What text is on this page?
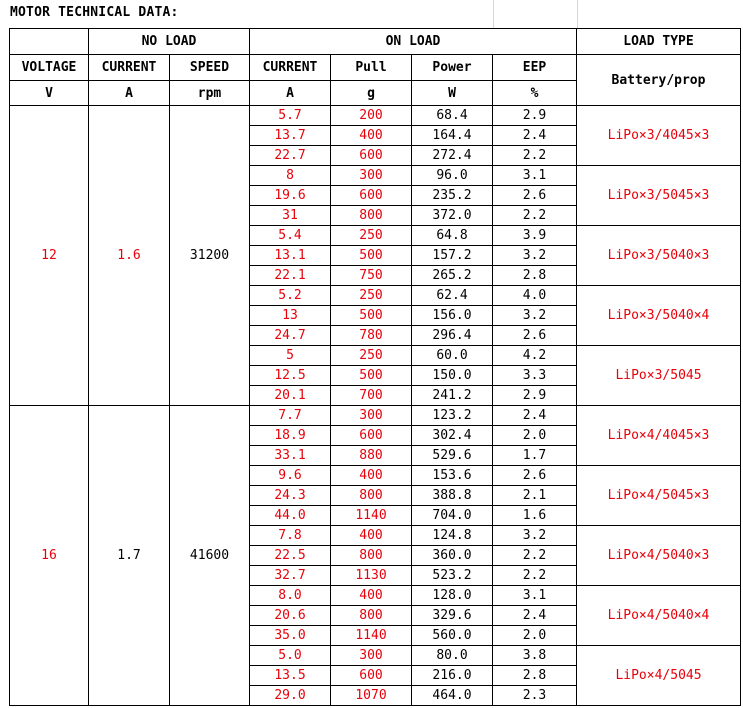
MOTOR TECHNICAL DATA:
	NO LOAD		ON LOAD				LOAD TYPE
VOLTAGE	CURRENT	SPEED	CURRENT	Pull	Power	EEP	Battery/prop
V	A	rpm	A	g	W	%	
12	1.6	31200	5.7	200	68.4	2.9	LiPo×3/4045×3
			13.7	400	164.4	2.4	
			22.7	600	272.4	2.2	
			8	300	96.0	3.1	LiPo×3/5045×3
			19.6	600	235.2	2.6	
			31	800	372.0	2.2	
			5.4	250	64.8	3.9	LiPo×3/5040×3
			13.1	500	157.2	3.2	
			22.1	750	265.2	2.8	
			5.2	250	62.4	4.0	LiPo×3/5040×4
			13	500	156.0	3.2	
			24.7	780	296.4	2.6	
			5	250	60.0	4.2	LiPo×3/5045
			12.5	500	150.0	3.3	
			20.1	700	241.2	2.9	
16	1.7	41600	7.7	300	123.2	2.4	LiPo×4/4045×3
			18.9	600	302.4	2.0	
			33.1	880	529.6	1.7	
			9.6	400	153.6	2.6	LiPo×4/5045×3
			24.3	800	388.8	2.1	
			44.0	1140	704.0	1.6	
			7.8	400	124.8	3.2	LiPo×4/5040×3
			22.5	800	360.0	2.2	
			32.7	1130	523.2	2.2	
			8.0	400	128.0	3.1	LiPo×4/5040×4
			20.6	800	329.6	2.4	
			35.0	1140	560.0	2.0	
			5.0	300	80.0	3.8	LiPo×4/5045
			13.5	600	216.0	2.8	
			29.0	1070	464.0	2.3	
